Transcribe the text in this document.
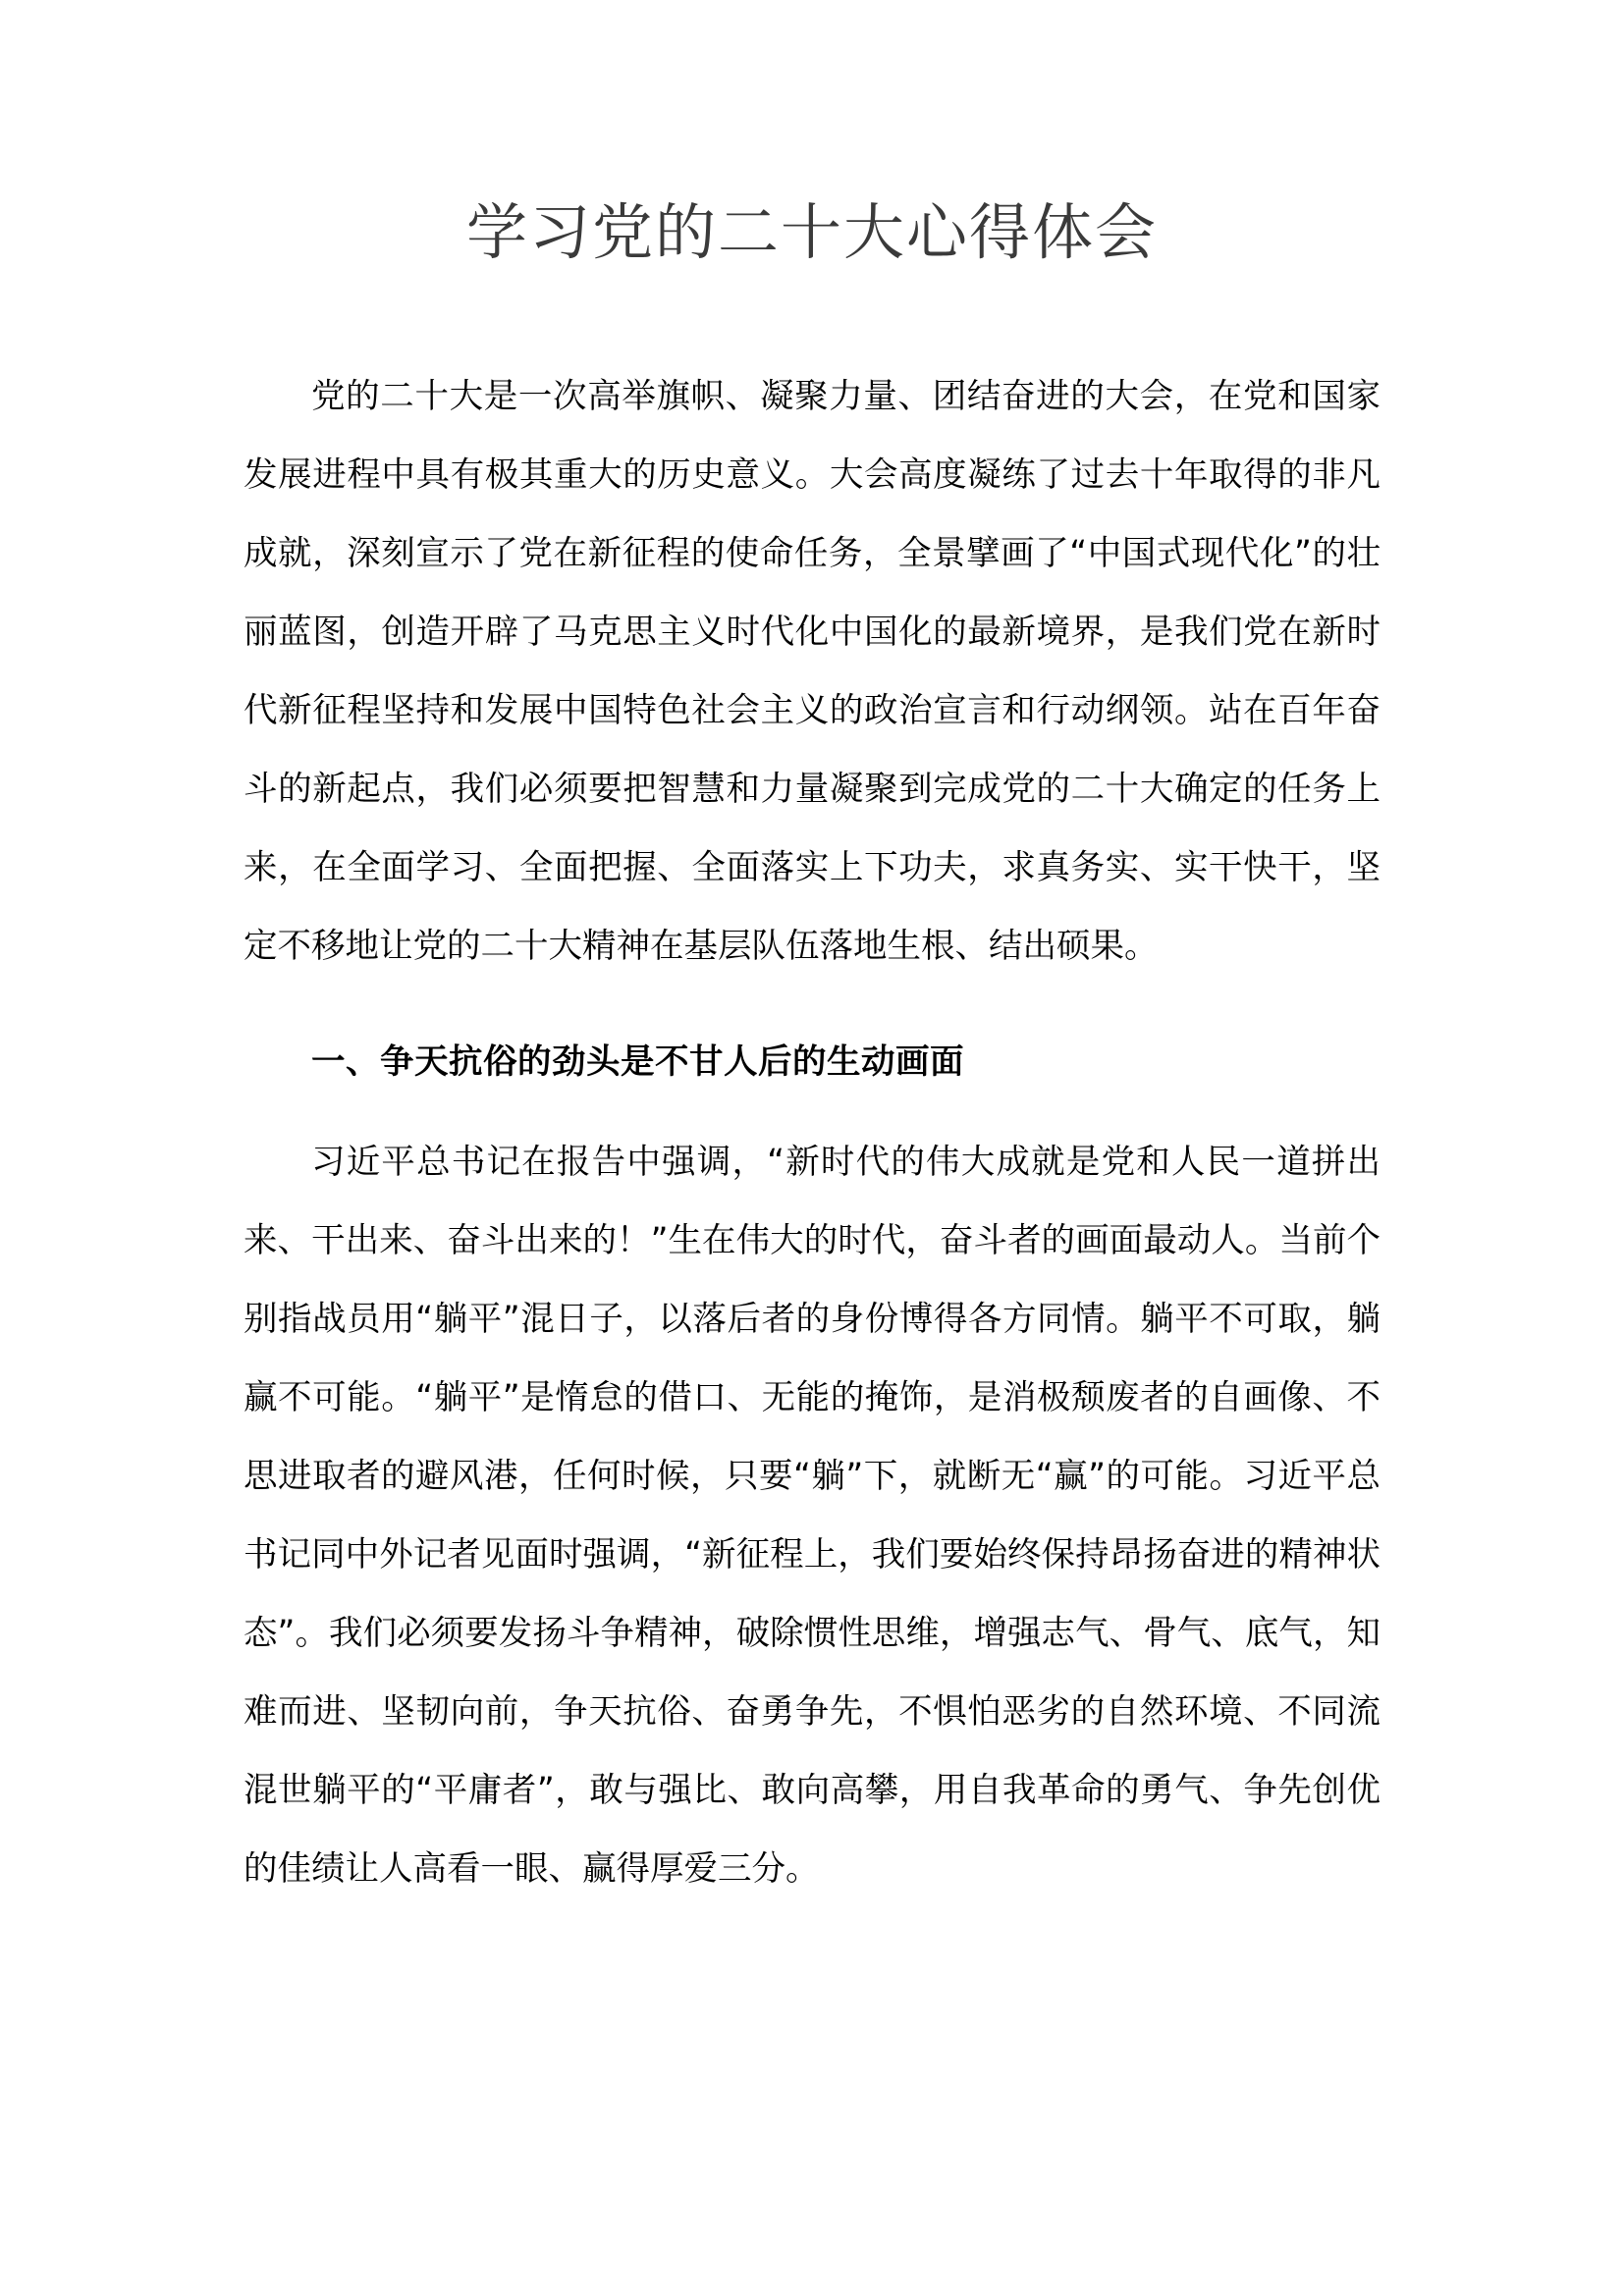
学习党的二十大心得体会

党的二十大是一次高举旗帜、凝聚力量、团结奋进的大会，在党和国家发展进程中具有极其重大的历史意义。大会高度凝练了过去十年取得的非凡成就，深刻宣示了党在新征程的使命任务，全景擘画了“中国式现代化”的壮丽蓝图，创造开辟了马克思主义时代化中国化的最新境界，是我们党在新时代新征程坚持和发展中国特色社会主义的政治宣言和行动纲领。站在百年奋斗的新起点，我们必须要把智慧和力量凝聚到完成党的二十大确定的任务上来，在全面学习、全面把握、全面落实上下功夫，求真务实、实干快干，坚定不移地让党的二十大精神在基层队伍落地生根、结出硕果。

一、争天抗俗的劲头是不甘人后的生动画面

习近平总书记在报告中强调，“新时代的伟大成就是党和人民一道拼出来、干出来、奋斗出来的！”生在伟大的时代，奋斗者的画面最动人。当前个别指战员用“躺平”混日子，以落后者的身份博得各方同情。躺平不可取，躺赢不可能。“躺平”是惰怠的借口、无能的掩饰，是消极颓废者的自画像、不思进取者的避风港，任何时候，只要“躺”下，就断无“赢”的可能。习近平总书记同中外记者见面时强调，“新征程上，我们要始终保持昂扬奋进的精神状态”。我们必须要发扬斗争精神，破除惯性思维，增强志气、骨气、底气，知难而进、坚韧向前，争天抗俗、奋勇争先，不惧怕恶劣的自然环境、不同流混世躺平的“平庸者”，敢与强比、敢向高攀，用自我革命的勇气、争先创优的佳绩让人高看一眼、赢得厚爱三分。
